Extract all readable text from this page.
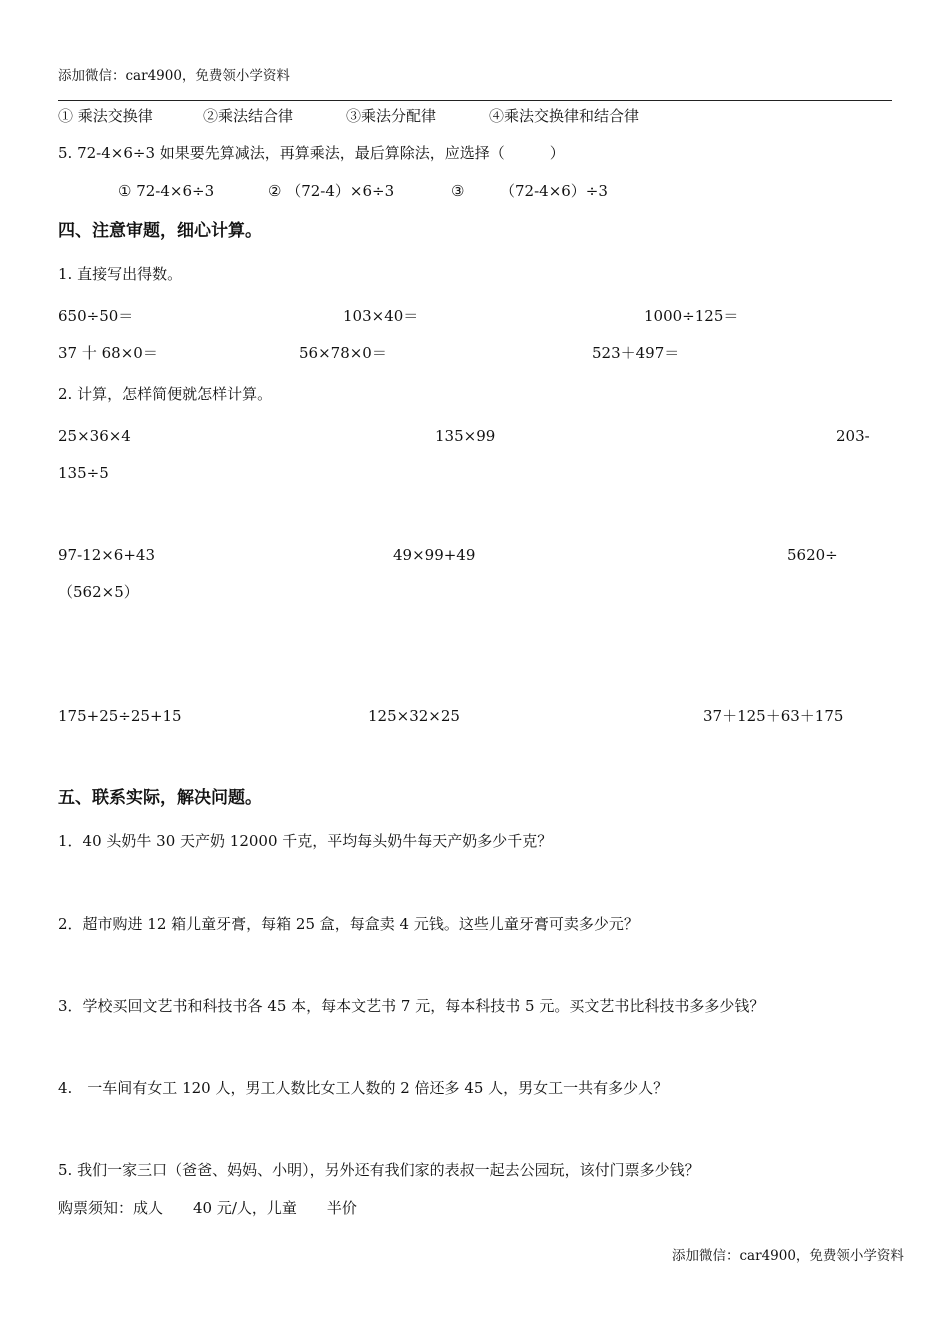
添加微信：car4900，免费领小学资料
① 乘法交换律	②乘法结合律	③乘法分配律	④乘法交换律和结合律
5. 72-4×6÷3 如果要先算减法，再算乘法，最后算除法，应选择（　　　）
① 72-4×6÷3	② （72-4）×6÷3	③ （72-4×6）÷3
四、注意审题，细心计算。
1. 直接写出得数。
650÷50＝	103×40＝	1000÷125＝
37 十 68×0＝	56×78×0＝	523＋497＝
2. 计算，怎样简便就怎样计算。
25×36×4	135×99	203-
135÷5
97-12×6+43	49×99+49	5620÷
（562×5）
175+25÷25+15	125×32×25	37＋125＋63＋175
五、联系实际，解决问题。
1．40 头奶牛 30 天产奶 12000 千克，平均每头奶牛每天产奶多少千克？
2．超市购进 12 箱儿童牙膏，每箱 25 盒，每盒卖 4 元钱。这些儿童牙膏可卖多少元？
3．学校买回文艺书和科技书各 45 本，每本文艺书 7 元，每本科技书 5 元。买文艺书比科技书多多少钱？
4.　一车间有女工 120 人，男工人数比女工人数的 2 倍还多 45 人，男女工一共有多少人？
5. 我们一家三口（爸爸、妈妈、小明），另外还有我们家的表叔一起去公园玩，该付门票多少钱？
购票须知：成人　　40 元/人，儿童　　半价
添加微信：car4900，免费领小学资料
